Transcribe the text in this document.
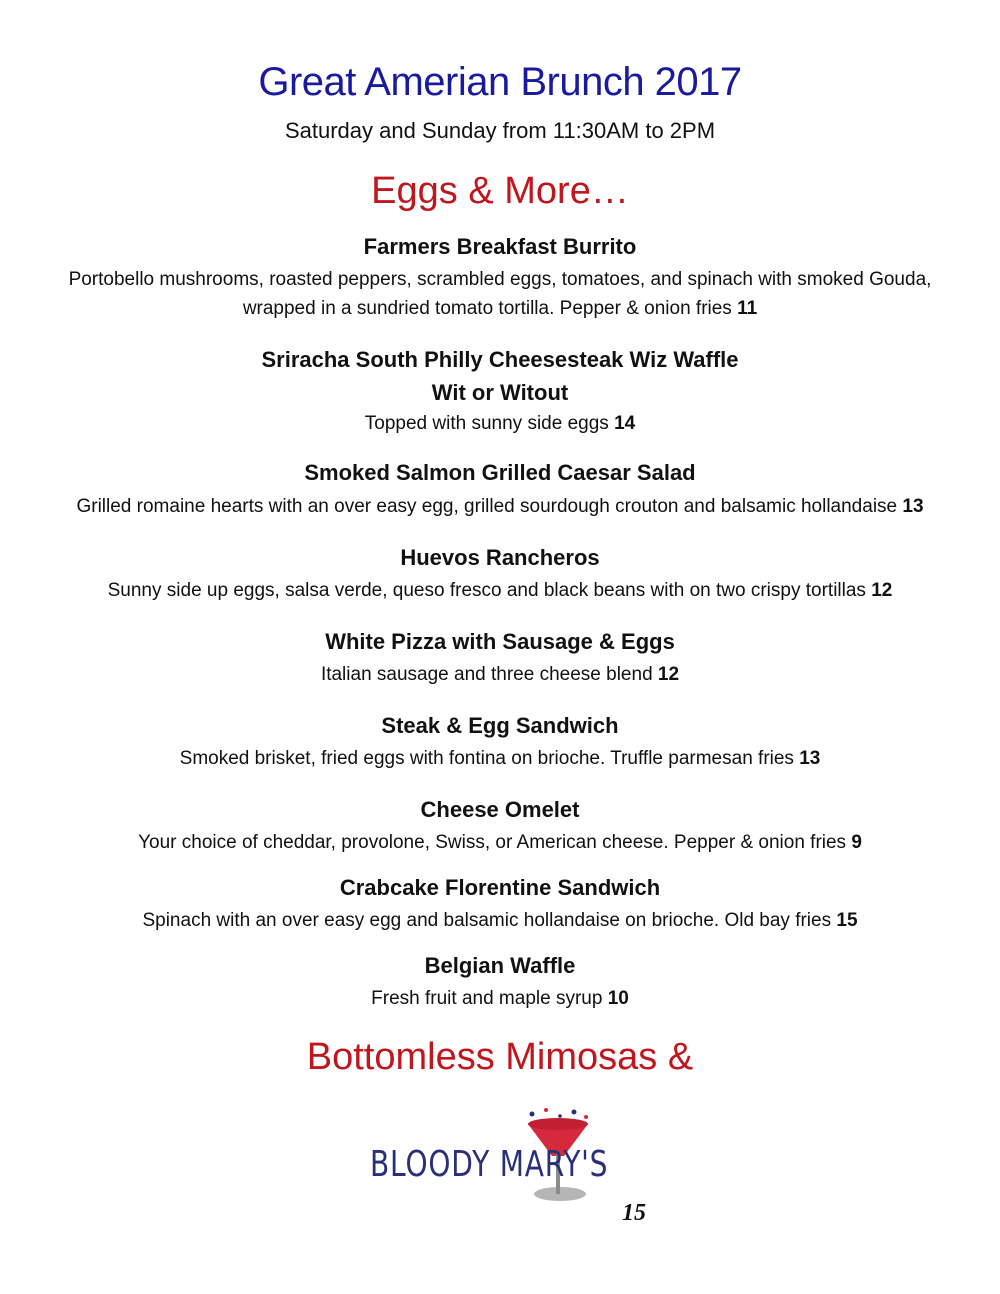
Great Amerian Brunch 2017
Saturday and Sunday from 11:30AM to 2PM
Eggs & More…
Farmers Breakfast Burrito
Portobello mushrooms, roasted peppers, scrambled eggs, tomatoes, and spinach with smoked Gouda,
wrapped in a sundried tomato tortilla. Pepper & onion fries 11
Sriracha South Philly Cheesesteak Wiz Waffle
Wit or Witout
Topped with sunny side eggs 14
Smoked Salmon Grilled Caesar Salad
Grilled romaine hearts with an over easy egg, grilled sourdough crouton and balsamic hollandaise 13
Huevos Rancheros
Sunny side up eggs, salsa verde, queso fresco and black beans with on two crispy tortillas 12
White Pizza with Sausage & Eggs
Italian sausage and three cheese blend 12
Steak & Egg Sandwich
Smoked brisket, fried eggs with fontina on brioche. Truffle parmesan fries 13
Cheese Omelet
Your choice of cheddar, provolone, Swiss, or American cheese. Pepper & onion fries 9
Crabcake Florentine Sandwich
Spinach with an over easy egg and balsamic hollandaise on brioche. Old bay fries 15
Belgian Waffle
Fresh fruit and maple syrup 10
Bottomless Mimosas &
BLOODY MARY'S
15
